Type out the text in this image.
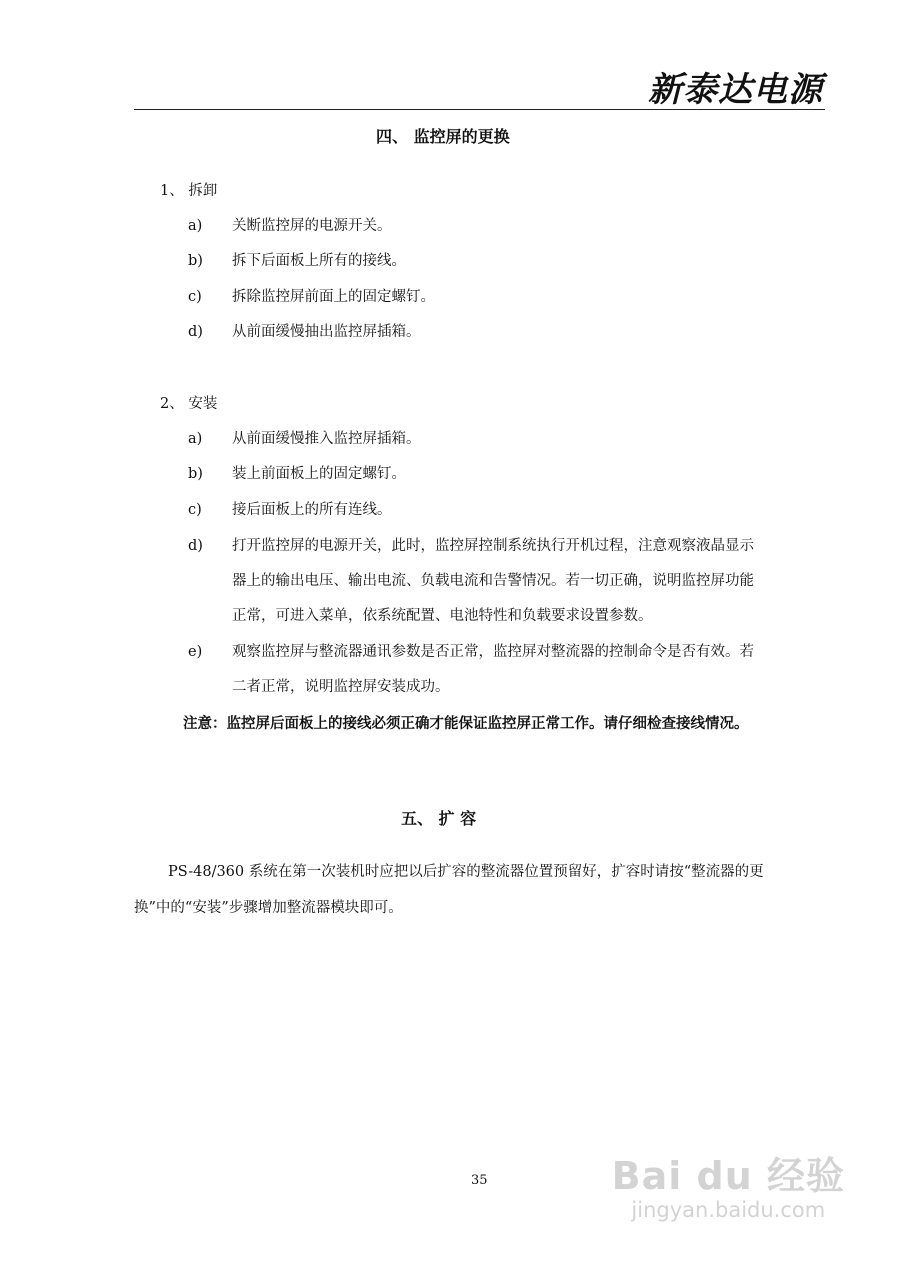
新泰达电源
四、 监控屏的更换
1、 拆卸
a) 关断监控屏的电源开关。
b) 拆下后面板上所有的接线。
c) 拆除监控屏前面上的固定螺钉。
d) 从前面缓慢抽出监控屏插箱。
2、 安装
a) 从前面缓慢推入监控屏插箱。
b) 装上前面板上的固定螺钉。
c) 接后面板上的所有连线。
d) 打开监控屏的电源开关，此时，监控屏控制系统执行开机过程，注意观察液晶显示
器上的输出电压、输出电流、负载电流和告警情况。若一切正确，说明监控屏功能
正常，可进入菜单，依系统配置、电池特性和负载要求设置参数。
e) 观察监控屏与整流器通讯参数是否正常，监控屏对整流器的控制命令是否有效。若
二者正常，说明监控屏安装成功。
注意：监控屏后面板上的接线必须正确才能保证监控屏正常工作。请仔细检查接线情况。
五、 扩 容
PS-48/360 系统在第一次装机时应把以后扩容的整流器位置预留好，扩容时请按“整流器的更
换”中的“安装”步骤增加整流器模块即可。
35	Bai du 经验
jingyan.baidu.com
